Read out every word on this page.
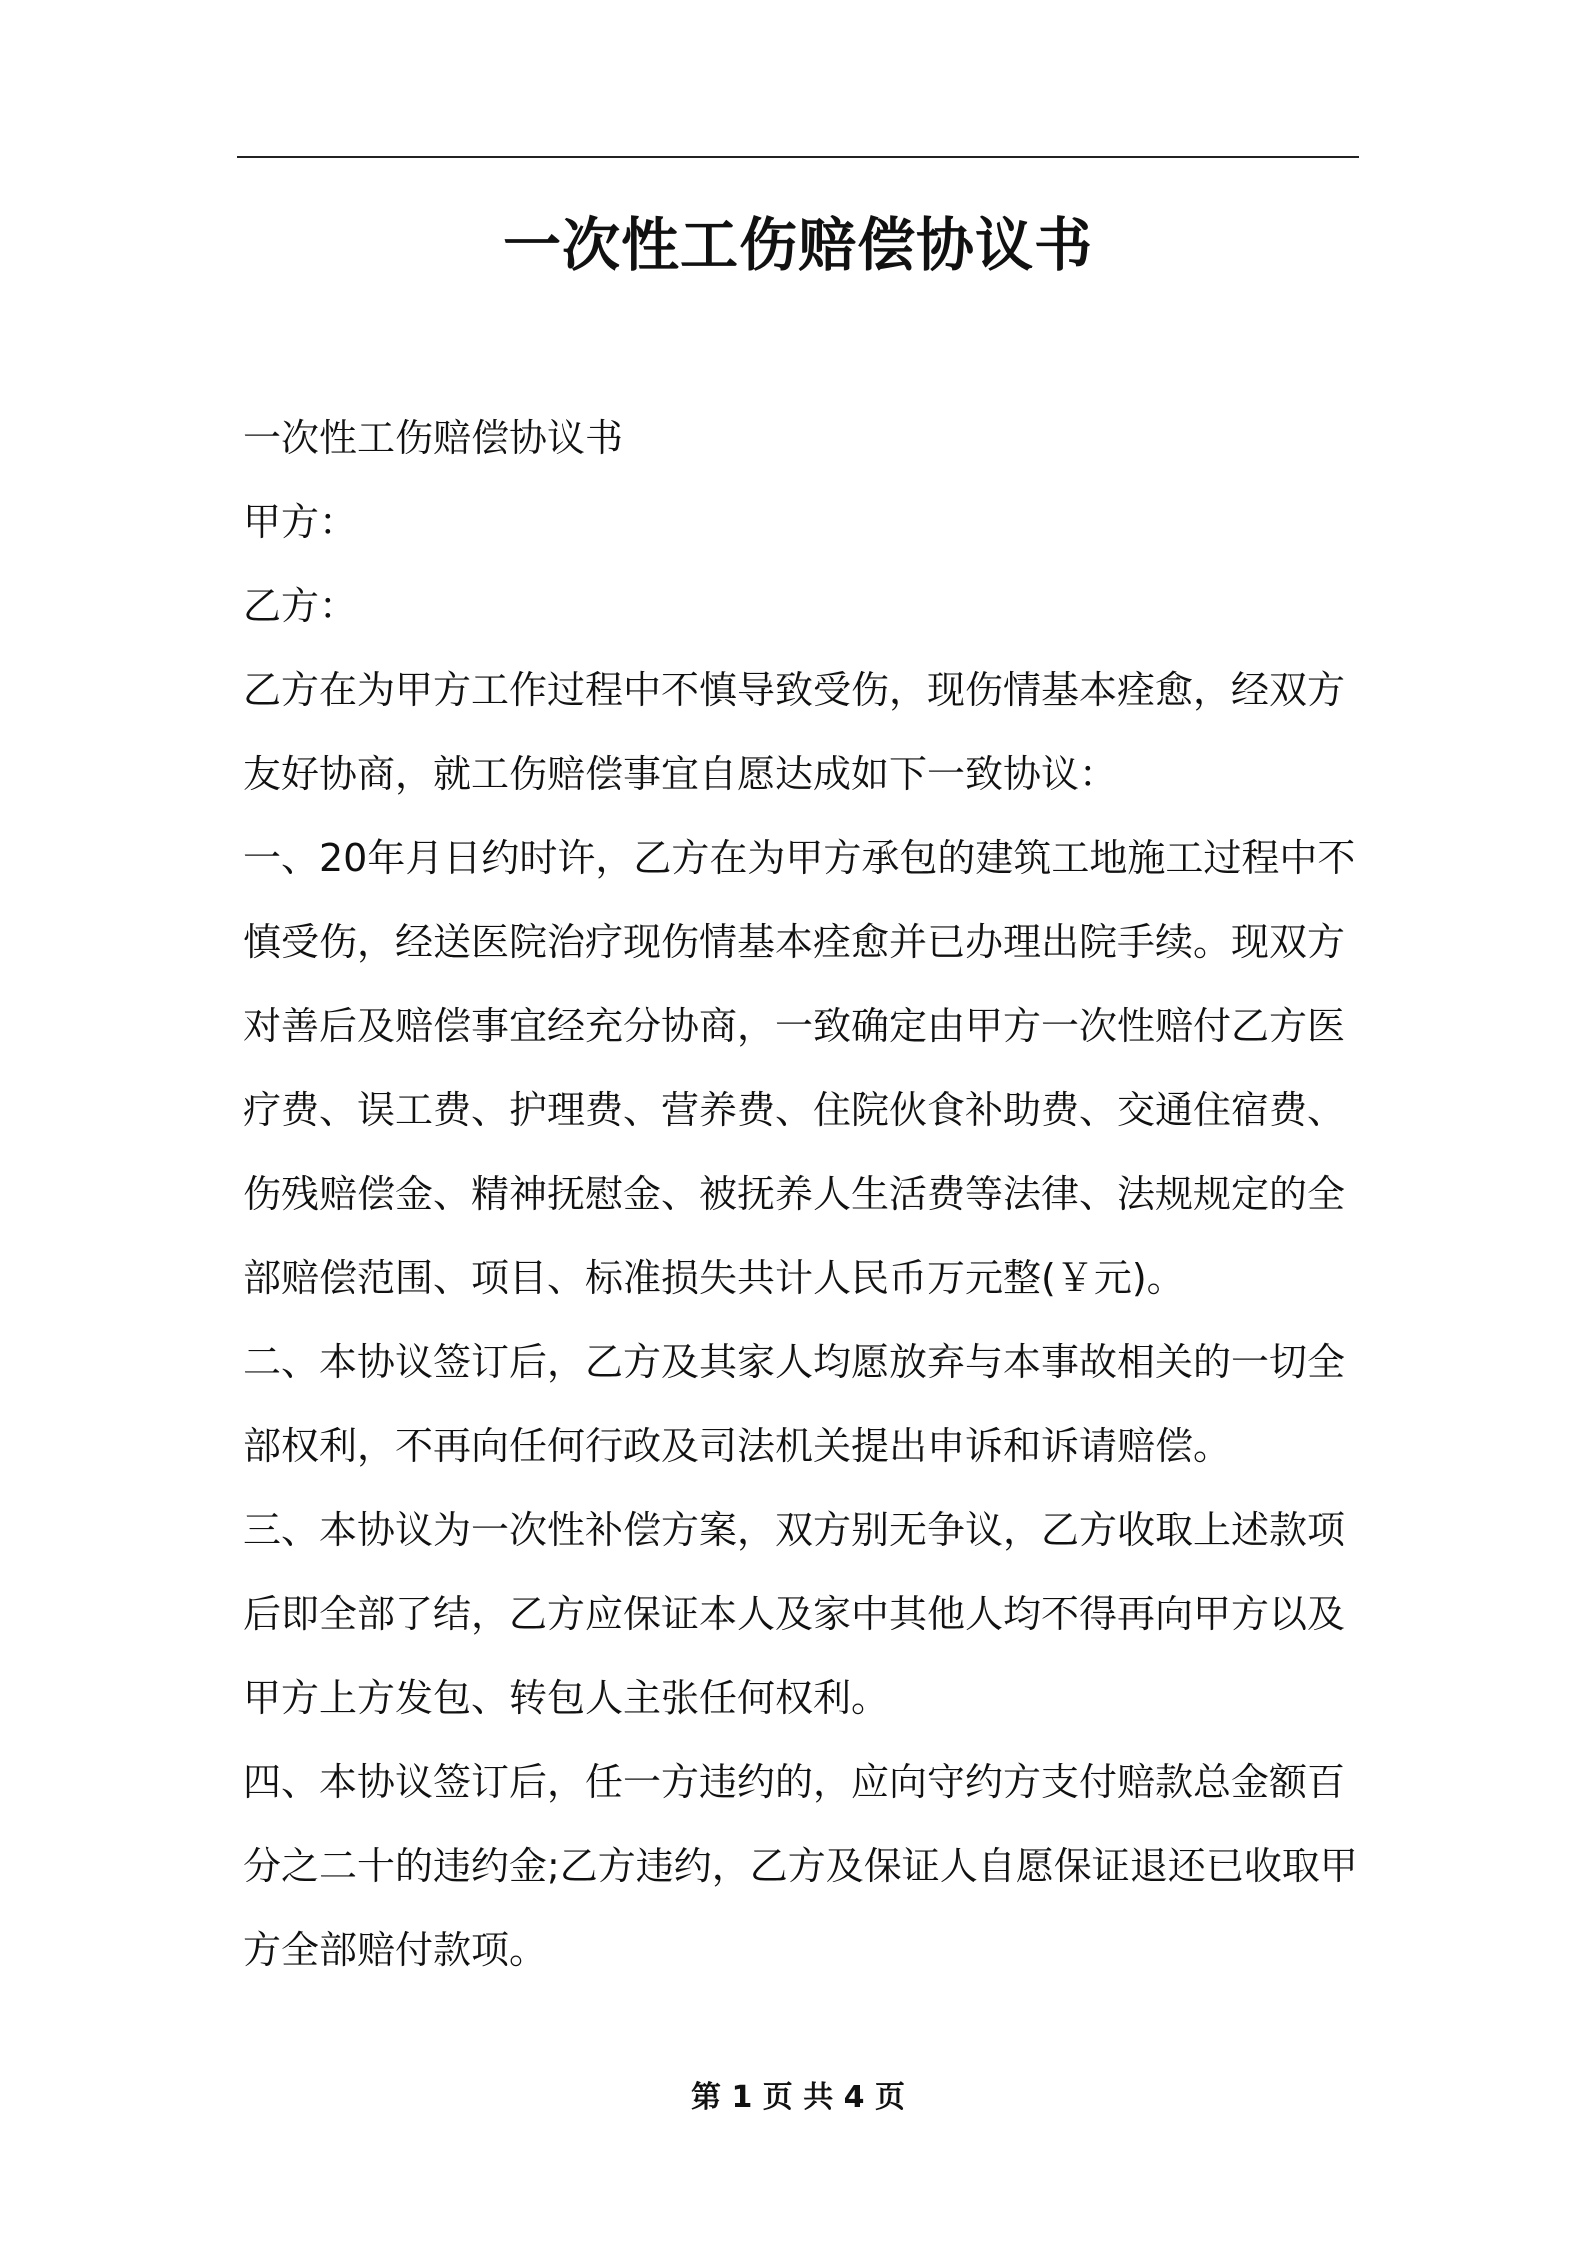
一次性工伤赔偿协议书

一次性工伤赔偿协议书

甲方：

乙方：

乙方在为甲方工作过程中不慎导致受伤，现伤情基本痊愈，经双方友好协商，就工伤赔偿事宜自愿达成如下一致协议：

一、20年月日约时许，乙方在为甲方承包的建筑工地施工过程中不慎受伤，经送医院治疗现伤情基本痊愈并已办理出院手续。现双方对善后及赔偿事宜经充分协商，一致确定由甲方一次性赔付乙方医疗费、误工费、护理费、营养费、住院伙食补助费、交通住宿费、伤残赔偿金、精神抚慰金、被抚养人生活费等法律、法规规定的全部赔偿范围、项目、标准损失共计人民币万元整(￥元)。

二、本协议签订后，乙方及其家人均愿放弃与本事故相关的一切全部权利，不再向任何行政及司法机关提出申诉和诉请赔偿。

三、本协议为一次性补偿方案，双方别无争议，乙方收取上述款项后即全部了结，乙方应保证本人及家中其他人均不得再向甲方以及甲方上方发包、转包人主张任何权利。

四、本协议签订后，任一方违约的，应向守约方支付赔款总金额百分之二十的违约金;乙方违约，乙方及保证人自愿保证退还已收取甲方全部赔付款项。

第 1 页 共 4 页
